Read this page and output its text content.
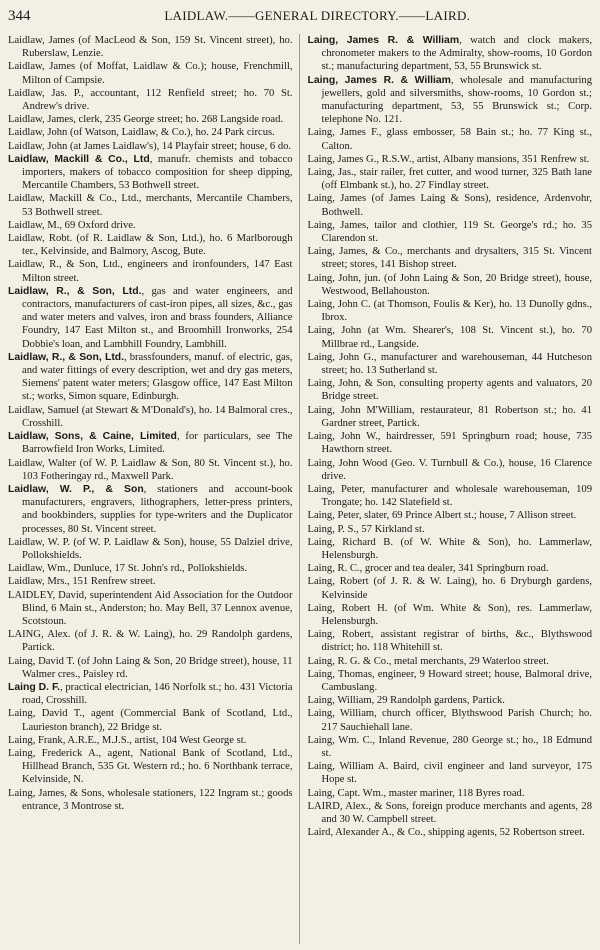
344	LAIDLAW.——GENERAL DIRECTORY.——LAIRD.

Laidlaw, James (of MacLeod & Son, 159 St. Vincent street), ho. Ruberslaw, Lenzie.

Laidlaw, James (of Moffat, Laidlaw & Co.); house, Frenchmill, Milton of Campsie.

Laidlaw, Jas. P., accountant, 112 Renfield street; ho. 70 St. Andrew's drive.

Laidlaw, James, clerk, 235 George street; ho. 268 Langside road.

Laidlaw, John (of Watson, Laidlaw, & Co.), ho. 24 Park circus.

Laidlaw, John (at James Laidlaw's), 14 Playfair street; house, 6 do.

Laidlaw, Mackill & Co., Ltd, manufr. chemists and tobacco importers, makers of tobacco composition for sheep dipping, Mercantile Chambers, 53 Bothwell street.

Laidlaw, Mackill & Co., Ltd., merchants, Mercantile Chambers, 53 Bothwell street.

Laidlaw, M., 69 Oxford drive.

Laidlaw, Robt. (of R. Laidlaw & Son, Ltd.), ho. 6 Marlborough ter., Kelvinside, and Balmory, Ascog, Bute.

Laidlaw, R., & Son, Ltd., engineers and ironfounders, 147 East Milton street.

Laidlaw, R., & Son, Ltd., gas and water engineers, and contractors, manufacturers of cast-iron pipes, all sizes, &c., gas and water meters and valves, iron and brass founders, Alliance Foundry, 147 East Milton st., and Broomhill Ironworks, 254 Dobbie's loan, and Lambhill Foundry, Lambhill.

Laidlaw, R., & Son, Ltd., brassfounders, manuf. of electric, gas, and water fittings of every description, wet and dry gas meters, Siemens' patent water meters; Glasgow office, 147 East Milton st.; works, Simon square, Edinburgh.

Laidlaw, Samuel (at Stewart & M'Donald's), ho. 14 Balmoral cres., Crosshill.

Laidlaw, Sons, & Caine, Limited, for particulars, see The Barrowfield Iron Works, Limited.

Laidlaw, Walter (of W. P. Laidlaw & Son, 80 St. Vincent st.), ho. 103 Fotheringay rd., Maxwell Park.

Laidlaw, W. P., & Son, stationers and account-book manufacturers, engravers, lithographers, letter-press printers, and bookbinders, supplies for type-writers and the Duplicator processes, 80 St. Vincent street.

Laidlaw, W. P. (of W. P. Laidlaw & Son), house, 55 Dalziel drive, Pollokshields.

Laidlaw, Wm., Dunluce, 17 St. John's rd., Pollokshields.

Laidlaw, Mrs., 151 Renfrew street.

LAIDLEY, David, superintendent Aid Association for the Outdoor Blind, 6 Main st., Anderston; ho. May Bell, 37 Lennox avenue, Scotstoun.

LAING, Alex. (of J. R. & W. Laing), ho. 29 Randolph gardens, Partick.

Laing, David T. (of John Laing & Son, 20 Bridge street), house, 11 Walmer cres., Paisley rd.

Laing D. F., practical electrician, 146 Norfolk st.; ho. 431 Victoria road, Crosshill.

Laing, David T., agent (Commercial Bank of Scotland, Ltd., Laurieston branch), 22 Bridge st.

Laing, Frank, A.R.E., M.J.S., artist, 104 West George st.

Laing, Frederick A., agent, National Bank of Scotland, Ltd., Hillhead Branch, 535 Gt. Western rd.; ho. 6 Northbank terrace, Kelvinside, N.

Laing, James, & Sons, wholesale stationers, 122 Ingram st.; goods entrance, 3 Montrose st.

Laing, James R. & William, watch and clock makers, chronometer makers to the Admiralty, show-rooms, 10 Gordon st.; manufacturing department, 53, 55 Brunswick st.

Laing, James R. & William, wholesale and manufacturing jewellers, gold and silversmiths, show-rooms, 10 Gordon st.; manufacturing department, 53, 55 Brunswick st.; Corp. telephone No. 121.

Laing, James F., glass embosser, 58 Bain st.; ho. 77 King st., Calton.

Laing, James G., R.S.W., artist, Albany mansions, 351 Renfrew st.

Laing, Jas., stair railer, fret cutter, and wood turner, 325 Bath lane (off Elmbank st.), ho. 27 Findlay street.

Laing, James (of James Laing & Sons), residence, Ardenvohr, Bothwell.

Laing, James, tailor and clothier, 119 St. George's rd.; ho. 35 Clarendon st.

Laing, James, & Co., merchants and drysalters, 315 St. Vincent street; stores, 141 Bishop street.

Laing, John, jun. (of John Laing & Son, 20 Bridge street), house, Westwood, Bellahouston.

Laing, John C. (at Thomson, Foulis & Ker), ho. 13 Dunolly gdns., Ibrox.

Laing, John (at Wm. Shearer's, 108 St. Vincent st.), ho. 70 Millbrae rd., Langside.

Laing, John G., manufacturer and warehouseman, 44 Hutcheson street; ho. 13 Sutherland st.

Laing, John, & Son, consulting property agents and valuators, 20 Bridge street.

Laing, John M'William, restaurateur, 81 Robertson st.; ho. 41 Gardner street, Partick.

Laing, John W., hairdresser, 591 Springburn road; house, 735 Hawthorn street.

Laing, John Wood (Geo. V. Turnbull & Co.), house, 16 Clarence drive.

Laing, Peter, manufacturer and wholesale warehouseman, 109 Trongate; ho. 142 Slatefield st.

Laing, Peter, slater, 69 Prince Albert st.; house, 7 Allison street.

Laing, P. S., 57 Kirkland st.

Laing, Richard B. (of W. White & Son), ho. Lammerlaw, Helensburgh.

Laing, R. C., grocer and tea dealer, 341 Springburn road.

Laing, Robert (of J. R. & W. Laing), ho. 6 Dryburgh gardens, Kelvinside

Laing, Robert H. (of Wm. White & Son), res. Lammerlaw, Helensburgh.

Laing, Robert, assistant registrar of births, &c., Blythswood district; ho. 118 Whitehill st.

Laing, R. G. & Co., metal merchants, 29 Waterloo street.

Laing, Thomas, engineer, 9 Howard street; house, Balmoral drive, Cambuslang.

Laing, William, 29 Randolph gardens, Partick.

Laing, William, church officer, Blythswood Parish Church; ho. 217 Sauchiehall lane.

Laing, Wm. C., Inland Revenue, 280 George st.; ho., 18 Edmund st.

Laing, William A. Baird, civil engineer and land surveyor, 175 Hope st.

Laing, Capt. Wm., master mariner, 118 Byres road.

LAIRD, Alex., & Sons, foreign produce merchants and agents, 28 and 30 W. Campbell street.

Laird, Alexander A., & Co., shipping agents, 52 Robertson street.
